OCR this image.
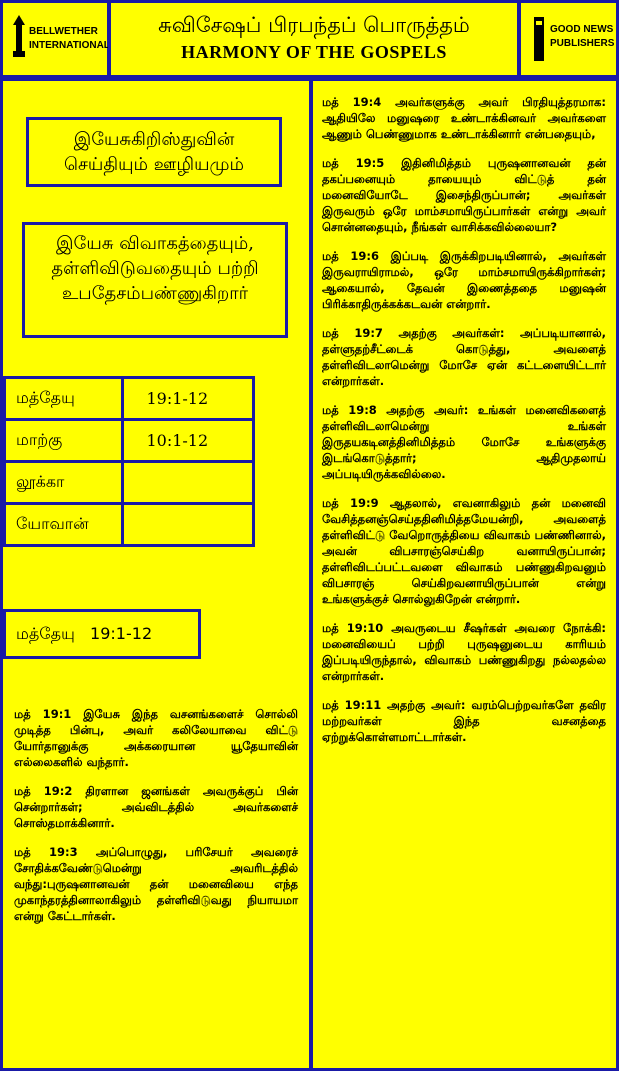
BELLWETHER
INTERNATIONAL
சுவிசேஷப் பிரபந்தப் பொருத்தம்
HARMONY OF THE GOSPELS
GOOD NEWS
PUBLISHERS
இயேசுகிறிஸ்துவின் செய்தியும் ஊழியமும்
இயேசு விவாகத்தையும், தள்ளிவிடுவதையும் பற்றி உபதேசம்பண்ணுகிறார்
மத்தேயு	19:1-12
மாற்கு	10:1-12
லூக்கா	
யோவான்	
மத்தேயு   19:1-12

மத் 19:1 இயேசு இந்த வசனங்களைச் சொல்லி முடித்த பின்பு, அவர் கலிலேயாவை விட்டு யோர்தானுக்கு அக்கரையான யூதேயாவின் எல்லைகளில் வந்தார்.

மத் 19:2 திரளான ஜனங்கள் அவருக்குப் பின் சென்றார்கள்; அவ்விடத்தில் அவர்களைச் சொஸ்தமாக்கினார்.

மத் 19:3 அப்பொழுது, பரிசேயர் அவரைச் சோதிக்கவேண்டுமென்று அவரிடத்தில் வந்து:புருஷனானவன் தன் மனைவியை எந்த முகாந்தரத்தினாலாகிலும் தள்ளிவிடுவது நியாயமா என்று கேட்டார்கள்.

மத் 19:4 அவர்களுக்கு அவர் பிரதியுத்தரமாக: ஆதியிலே மனுஷரை உண்டாக்கினவர் அவர்களை ஆணும் பெண்ணுமாக உண்டாக்கினார் என்பதையும்,

மத் 19:5 இதினிமித்தம் புருஷனானவன் தன் தகப்பனையும் தாயையும் விட்டுத் தன் மனைவியோடே இசைந்திருப்பான்; அவர்கள் இருவரும் ஒரே மாம்சமாயிருப்பார்கள் என்று அவர் சொன்னதையும், நீங்கள் வாசிக்கவில்லையா?

மத் 19:6 இப்படி இருக்கிறபடியினால், அவர்கள் இருவராயிராமல், ஒரே மாம்சமாயிருக்கிறார்கள்; ஆகையால், தேவன் இணைத்ததை மனுஷன் பிரிக்காதிருக்கக்கடவன் என்றார்.

மத் 19:7 அதற்கு அவர்கள்: அப்படியானால், தள்ளுதற்சீட்டைக் கொடுத்து, அவளைத் தள்ளிவிடலாமென்று மோசே ஏன் கட்டளையிட்டார் என்றார்கள்.

மத் 19:8 அதற்கு அவர்: உங்கள் மனைவிகளைத் தள்ளிவிடலாமென்று உங்கள் இருதயகடினத்தினிமித்தம் மோசே உங்களுக்கு இடங்கொடுத்தார்; ஆதிமுதலாய் அப்படியிருக்கவில்லை.

மத் 19:9 ஆதலால், எவனாகிலும் தன் மனைவி வேசித்தனஞ்செய்ததினிமித்தமேயன்றி, அவளைத் தள்ளிவிட்டு வேறொருத்தியை விவாகம் பண்ணினால், அவன் விபசாரஞ்செய்கிற வனாயிருப்பான்; தள்ளிவிடப்பட்டவளை விவாகம் பண்ணுகிறவனும் விபசாரஞ் செய்கிறவனாயிருப்பான் என்று உங்களுக்குச் சொல்லுகிறேன் என்றார்.

மத் 19:10 அவருடைய சீஷர்கள் அவரை நோக்கி: மனைவியைப் பற்றி புருஷனுடைய காரியம் இப்படியிருந்தால், விவாகம் பண்ணுகிறது நல்லதல்ல என்றார்கள்.

மத் 19:11 அதற்கு அவர்: வரம்பெற்றவர்களே தவிர மற்றவர்கள் இந்த வசனத்தை ஏற்றுக்கொள்ளமாட்டார்கள்.
